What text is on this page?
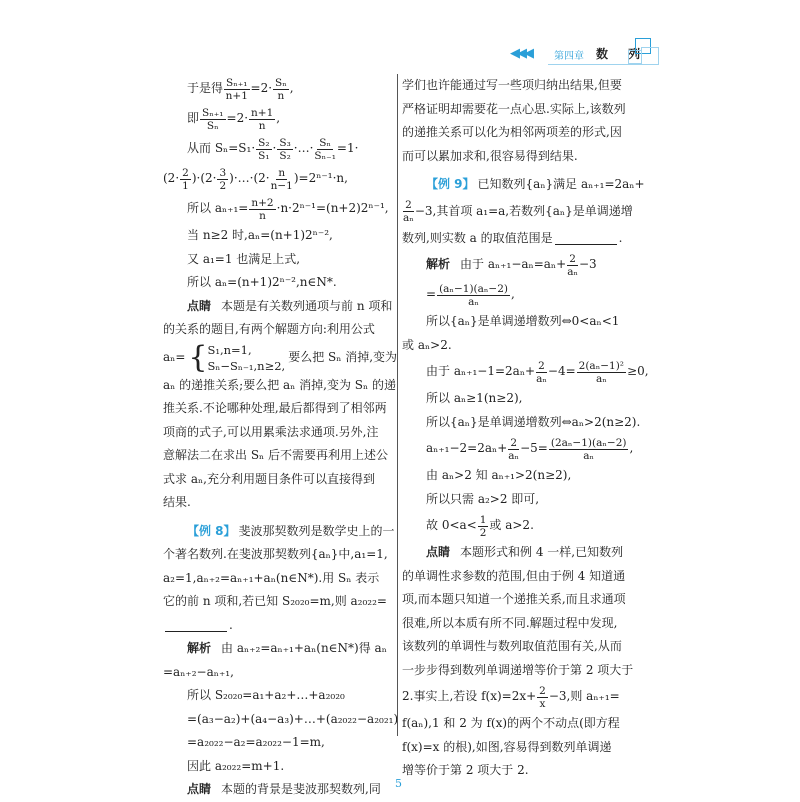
◀◀◀ 第四章 数 列
于是得 $\frac{\text{Sₙ₊₁}}{n+1} =2\cdot \frac{\text{Sₙ}}{n}$ ,
即 $\frac{\text{Sₙ₊₁}}{\text{Sₙ}} =2\cdot \frac{n+1}{n}$ ,
从而 $S_n=S_1\cdot \frac{\text{S₂}}{\text{S₁}} \cdot \frac{\text{S₃}}{\text{S₂}}$ ·…· $\frac{\text{Sₙ}}{\text{Sₙ₋₁}} =1\cdot$
$(2\cdot \frac{2}{1} )\cdot(2\cdot \frac{3}{2}$ )·…·(2· $\frac{n}{n-1} )=2^{n-1}\cdot n$,
所以 $a_{n+1}= \frac{n+2}{n} \cdot n\cdot 2^{n-1}=(n+2)2^{n-1}$,
当 n≥2 时,aₙ=(n+1)2ⁿ⁻²,
又 a₁=1 也满足上式,
所以 aₙ=(n+1)2ⁿ⁻²,n∈N*.
点睛 本题是有关数列通项与前 n 项和
的关系的题目,有两个解题方向:利用公式
aₙ= { S₁,n=1,
Sₙ−Sₙ₋₁,n≥2,
要么把 Sₙ 消掉,变为
aₙ 的递推关系;要么把 aₙ 消掉,变为 Sₙ 的递
推关系.不论哪种处理,最后都得到了相邻两
项商的式子,可以用累乘法求通项.另外,注
意解法二在求出 Sₙ 后不需要再利用上述公
式求 aₙ,充分利用题目条件可以直接得到
结果.
【例 8】 斐波那契数列是数学史上的一
个著名数列.在斐波那契数列{aₙ}中,a₁=1,
a₂=1,aₙ₊₂=aₙ₊₁+aₙ(n∈N*).用 Sₙ 表示
它的前 n 项和,若已知 S₂₀₂₀=m,则 a₂₀₂₂=
.
解析 由 aₙ₊₂=aₙ₊₁+aₙ(n∈N*)得 aₙ
=aₙ₊₂−aₙ₊₁,
所以 S₂₀₂₀=a₁+a₂+…+a₂₀₂₀
=(a₃−a₂)+(a₄−a₃)+…+(a₂₀₂₂−a₂₀₂₁)
=a₂₀₂₂−a₂=a₂₀₂₂−1=m,
因此 a₂₀₂₂=m+1.
点睛 本题的背景是斐波那契数列,同
学们也许能通过写一些项归纳出结果,但要
严格证明却需要花一点心思.实际上,该数列
的递推关系可以化为相邻两项差的形式,因
而可以累加求和,很容易得到结果.
【例 9】 已知数列{aₙ}满足 aₙ₊₁=2aₙ+
$\frac{2}{\text{aₙ}} -3$,其首项 a₁=a,若数列{aₙ}是单调递增
数列,则实数 a 的取值范围是	.
解析 由于 $a_{n+1}-a_n=a_n+ \frac{2}{\text{aₙ}} -3$
= $\frac{\text{(aₙ−1)(aₙ−2)}}{\text{aₙ}}$ ,
所以{aₙ}是单调递增数列⇔0<aₙ<1
或 aₙ>2.
由于 $a_{n+1}-1=2a_n+ \frac{2}{\text{aₙ}} -4= \frac{\text{2(aₙ−1)²}}{\text{aₙ}} \ge 0$,
所以 aₙ≥1(n≥2),
所以{aₙ}是单调递增数列⇔aₙ>2(n≥2).
$a_{n+1}-2=2a_n+ \frac{2}{\text{aₙ}} -5= \frac{\text{(2aₙ−1)(aₙ−2)}}{\text{aₙ}}$ ,
由 aₙ>2 知 aₙ₊₁>2(n≥2),
所以只需 a₂>2 即可,
故 $0<a< \frac{1}{2}$ 或 a>2.
点睛 本题形式和例 4 一样,已知数列
的单调性求参数的范围,但由于例 4 知道通
项,而本题只知道一个递推关系,而且求通项
很难,所以本质有所不同.解题过程中发现,
该数列的单调性与数列取值范围有关,从而
一步步得到数列单调递增等价于第 2 项大于
2.事实上,若设 $f(x)=2x+ \frac{2}{x} -3$,则 aₙ₊₁=
f(aₙ),1 和 2 为 f(x)的两个不动点(即方程
f(x)=x 的根),如图,容易得到数列单调递
增等价于第 2 项大于 2.
5
